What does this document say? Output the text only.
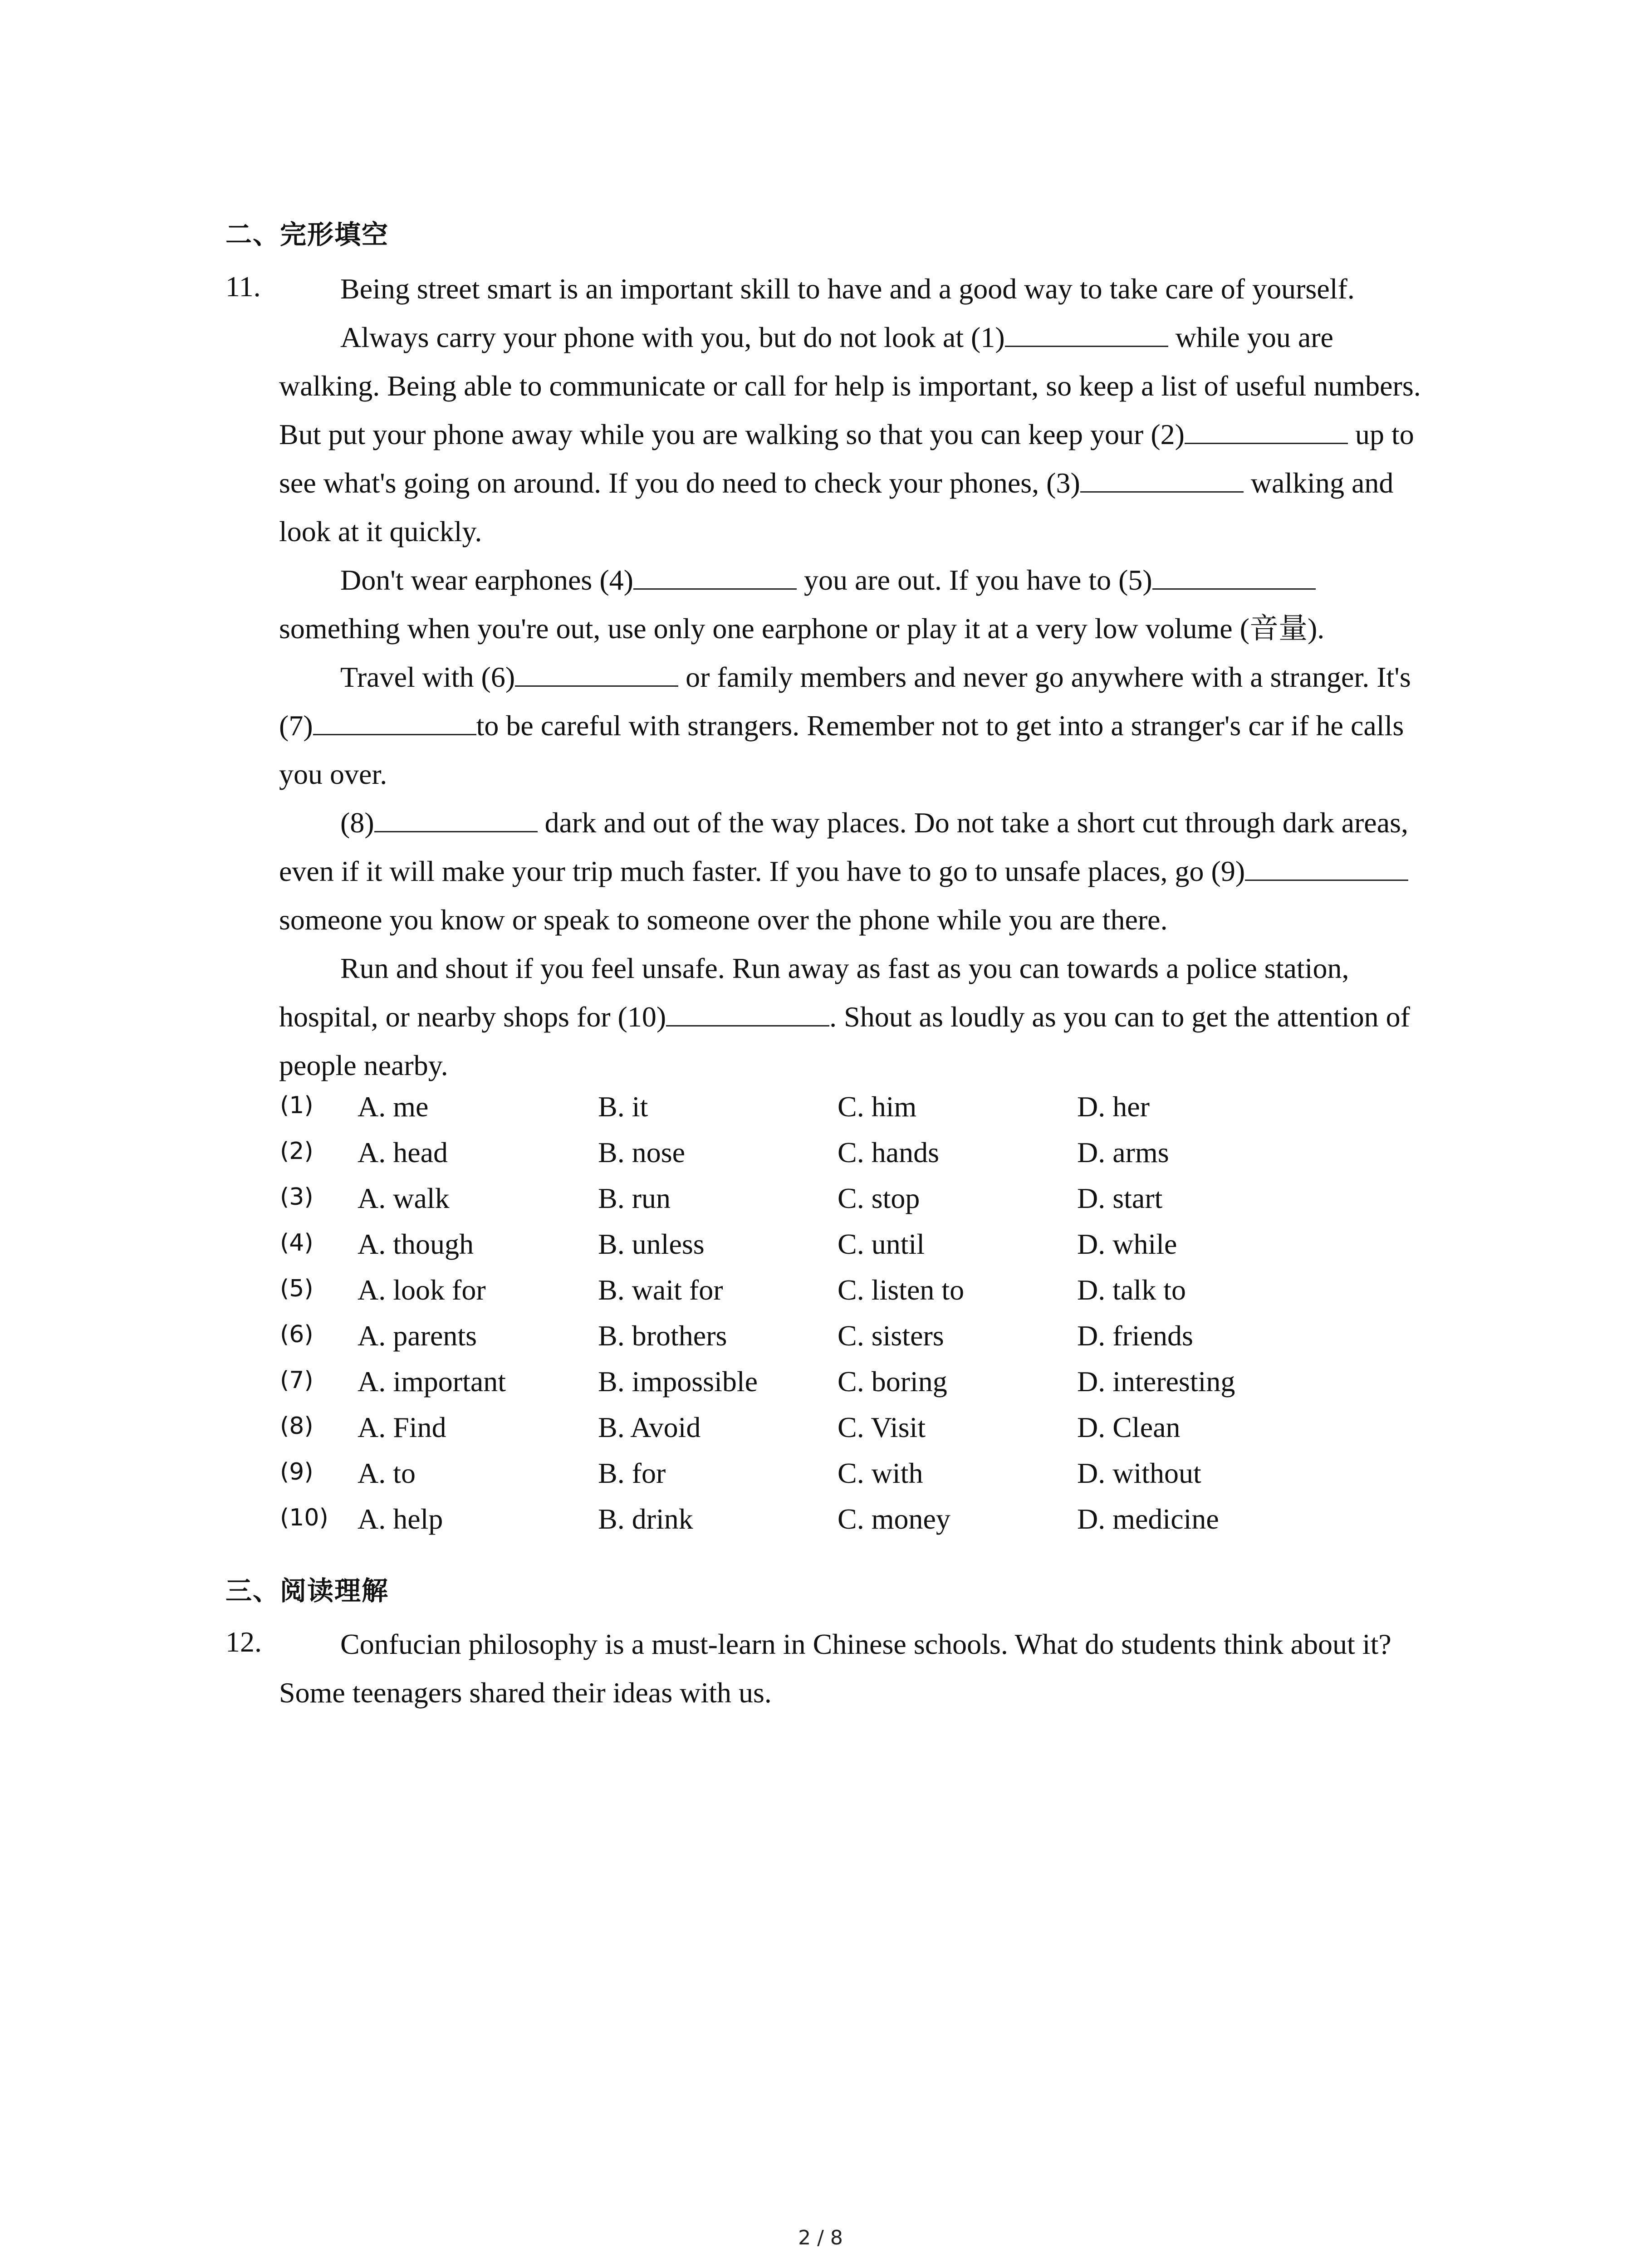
二、完形填空
11.	Being street smart is an important skill to have and a good way to take care of yourself.

Always carry your phone with you, but do not look at (1)	while you are walking. Being able to communicate or call for help is important, so keep a list of useful numbers. But put your phone away while you are walking so that you can keep your (2)	up to see what's going on around. If you do need to check your phones, (3)	walking and look at it quickly.

Don't wear earphones (4)	you are out. If you have to (5) something when you're out, use only one earphone or play it at a very low volume (音量).

Travel with (6)	or family members and never go anywhere with a stranger. It's (7)	to be careful with strangers. Remember not to get into a stranger's car if he calls you over.

(8)	dark and out of the way places. Do not take a short cut through dark areas, even if it will make your trip much faster. If you have to go to unsafe places, go (9) someone you know or speak to someone over the phone while you are there.

Run and shout if you feel unsafe. Run away as fast as you can towards a police station, hospital, or nearby shops for (10)	. Shout as loudly as you can to get the attention of people nearby.

(1) A. me	B. it	C. him	D. her
(2) A. head	B. nose	C. hands	D. arms
(3) A. walk	B. run	C. stop	D. start
(4) A. though	B. unless	C. until	D. while
(5) A. look for	B. wait for	C. listen to	D. talk to
(6) A. parents	B. brothers	C. sisters	D. friends
(7) A. important	B. impossible	C. boring	D. interesting
(8) A. Find	B. Avoid	C. Visit	D. Clean
(9) A. to	B. for	C. with	D. without
(10) A. help	B. drink	C. money	D. medicine
三、阅读理解
12.	Confucian philosophy is a must-learn in Chinese schools. What do students think about it?Some teenagers shared their ideas with us.

2 / 8
